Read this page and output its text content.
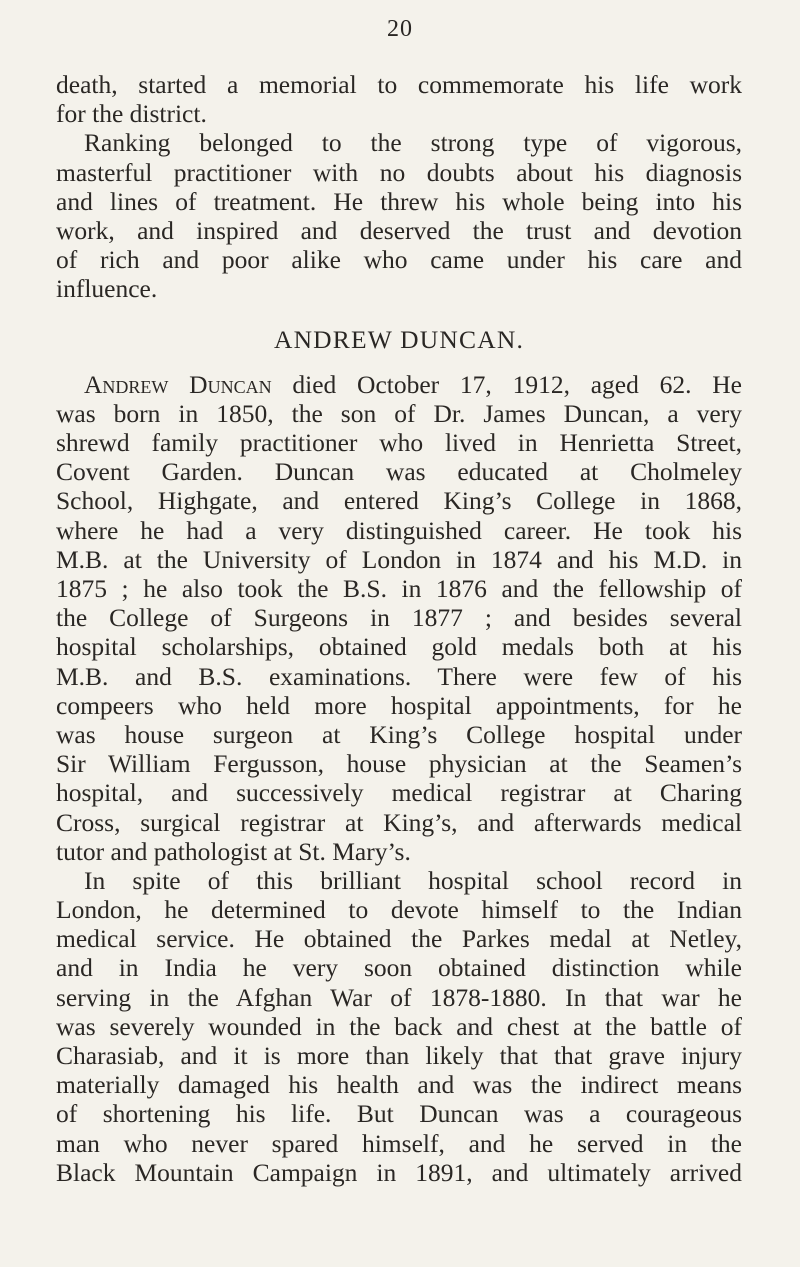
20
death, started a memorial to commemorate his life work
for the district.
Ranking belonged to the strong type of vigorous,
masterful practitioner with no doubts about his diagnosis
and lines of treatment. He threw his whole being into his
work, and inspired and deserved the trust and devotion
of rich and poor alike who came under his care and
influence.
ANDREW DUNCAN.
Andrew Duncan died October 17, 1912, aged 62. He
was born in 1850, the son of Dr. James Duncan, a very
shrewd family practitioner who lived in Henrietta Street,
Covent Garden. Duncan was educated at Cholmeley
School, Highgate, and entered King’s College in 1868,
where he had a very distinguished career. He took his
M.B. at the University of London in 1874 and his M.D. in
1875 ; he also took the B.S. in 1876 and the fellowship of
the College of Surgeons in 1877 ; and besides several
hospital scholarships, obtained gold medals both at his
M.B. and B.S. examinations. There were few of his
compeers who held more hospital appointments, for he
was house surgeon at King’s College hospital under
Sir William Fergusson, house physician at the Seamen’s
hospital, and successively medical registrar at Charing
Cross, surgical registrar at King’s, and afterwards medical
tutor and pathologist at St. Mary’s.
In spite of this brilliant hospital school record in
London, he determined to devote himself to the Indian
medical service. He obtained the Parkes medal at Netley,
and in India he very soon obtained distinction while
serving in the Afghan War of 1878-1880. In that war he
was severely wounded in the back and chest at the battle of
Charasiab, and it is more than likely that that grave injury
materially damaged his health and was the indirect means
of shortening his life. But Duncan was a courageous
man who never spared himself, and he served in the
Black Mountain Campaign in 1891, and ultimately arrived
